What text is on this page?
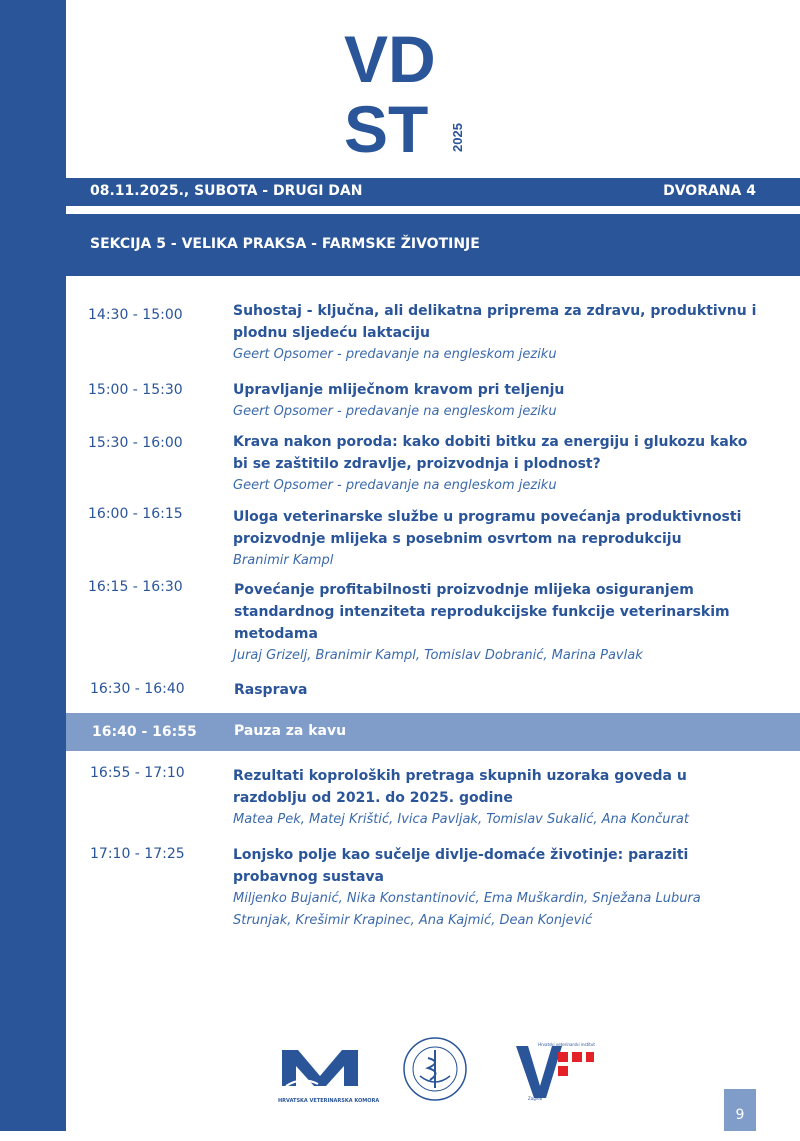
VD
ST 2025
08.11.2025., SUBOTA - DRUGI DAN	DVORANA 4
SEKCIJA 5 - VELIKA PRAKSA - FARMSKE ŽIVOTINJE
14:30 - 15:00	Suhostaj - ključna, ali delikatna priprema za zdravu, produktivnu i
plodnu sljedeću laktaciju
Geert Opsomer - predavanje na engleskom jeziku
15:00 - 15:30	Upravljanje mliječnom kravom pri teljenju
Geert Opsomer - predavanje na engleskom jeziku
15:30 - 16:00	Krava nakon poroda: kako dobiti bitku za energiju i glukozu kako
bi se zaštitilo zdravlje, proizvodnja i plodnost?
Geert Opsomer - predavanje na engleskom jeziku
16:00 - 16:15	Uloga veterinarske službe u programu povećanja produktivnosti
proizvodnje mlijeka s posebnim osvrtom na reprodukciju
Branimir Kampl
16:15 - 16:30	Povećanje profitabilnosti proizvodnje mlijeka osiguranjem
standardnog intenziteta reprodukcijske funkcije veterinarskim
metodama
Juraj Grizelj, Branimir Kampl, Tomislav Dobranić, Marina Pavlak
16:30 - 16:40	Rasprava
16:40 - 16:55	Pauza za kavu
16:55 - 17:10	Rezultati koproloških pretraga skupnih uzoraka goveda u
razdoblju od 2021. do 2025. godine
Matea Pek, Matej Krištić, Ivica Pavljak, Tomislav Sukalić, Ana Končurat
17:10 - 17:25	Lonjsko polje kao sučelje divlje-domaće životinje: paraziti
probavnog sustava
Miljenko Bujanić, Nika Konstantinović, Ema Muškardin, Snježana Lubura
Strunjak, Krešimir Krapinec, Ana Kajmić, Dean Konjević
HRVATSKA VETERINARSKA KOMORA
Hrvatski veterinarski institut
Zagreb
9
